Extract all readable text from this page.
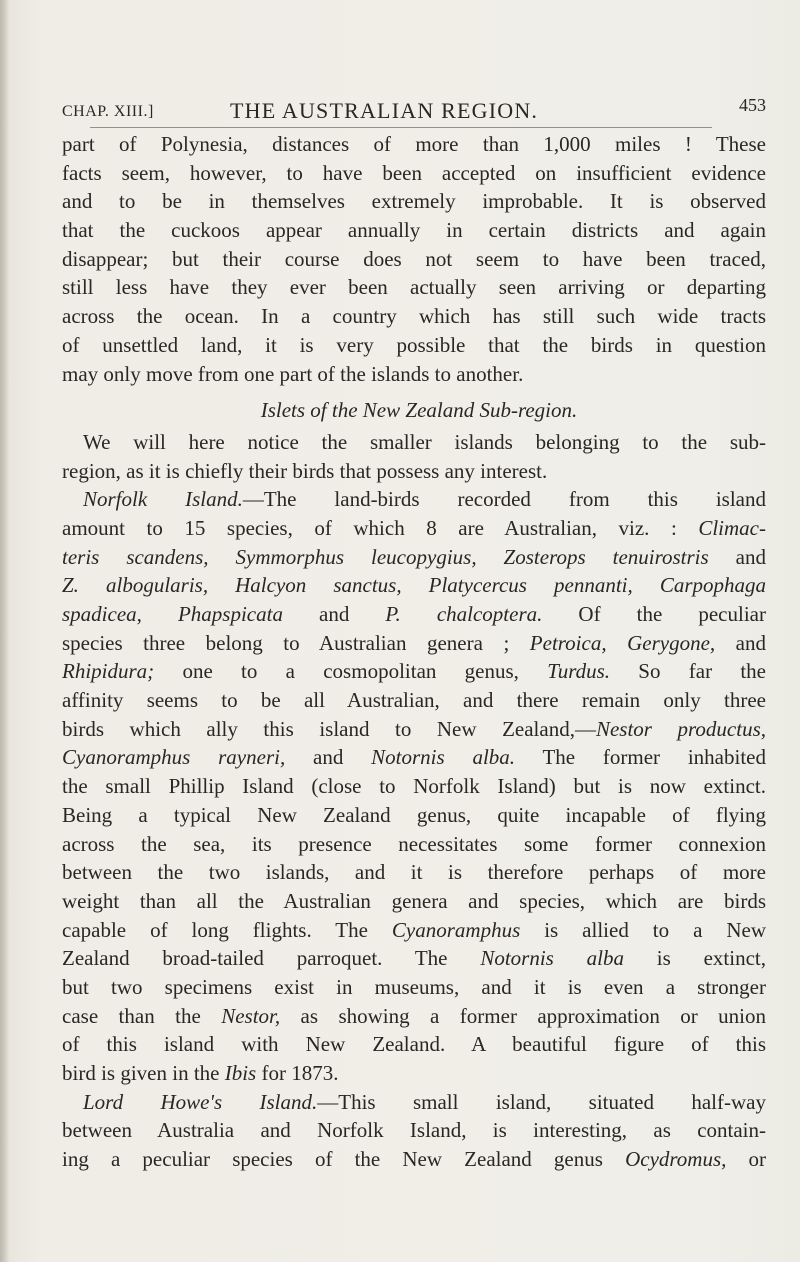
CHAP. XIII.]	THE AUSTRALIAN REGION.	453
part of Polynesia, distances of more than 1,000 miles ! These
facts seem, however, to have been accepted on insufficient evidence
and to be in themselves extremely improbable. It is observed
that the cuckoos appear annually in certain districts and again
disappear; but their course does not seem to have been traced,
still less have they ever been actually seen arriving or departing
across the ocean. In a country which has still such wide tracts
of unsettled land, it is very possible that the birds in question
may only move from one part of the islands to another.
Islets of the New Zealand Sub-region.
We will here notice the smaller islands belonging to the sub-
region, as it is chiefly their birds that possess any interest.
Norfolk Island.—The land-birds recorded from this island
amount to 15 species, of which 8 are Australian, viz. : Climac-
teris scandens, Symmorphus leucopygius, Zosterops tenuirostris and
Z. albogularis, Halcyon sanctus, Platycercus pennanti, Carpophaga
spadicea, Phapspicata and P. chalcoptera. Of the peculiar
species three belong to Australian genera ; Petroica, Gerygone, and
Rhipidura; one to a cosmopolitan genus, Turdus. So far the
affinity seems to be all Australian, and there remain only three
birds which ally this island to New Zealand,—Nestor productus,
Cyanoramphus rayneri, and Notornis alba. The former inhabited
the small Phillip Island (close to Norfolk Island) but is now extinct.
Being a typical New Zealand genus, quite incapable of flying
across the sea, its presence necessitates some former connexion
between the two islands, and it is therefore perhaps of more
weight than all the Australian genera and species, which are birds
capable of long flights. The Cyanoramphus is allied to a New
Zealand broad-tailed parroquet. The Notornis alba is extinct,
but two specimens exist in museums, and it is even a stronger
case than the Nestor, as showing a former approximation or union
of this island with New Zealand. A beautiful figure of this
bird is given in the Ibis for 1873.
Lord Howe's Island.—This small island, situated half-way
between Australia and Norfolk Island, is interesting, as contain-
ing a peculiar species of the New Zealand genus Ocydromus, or
